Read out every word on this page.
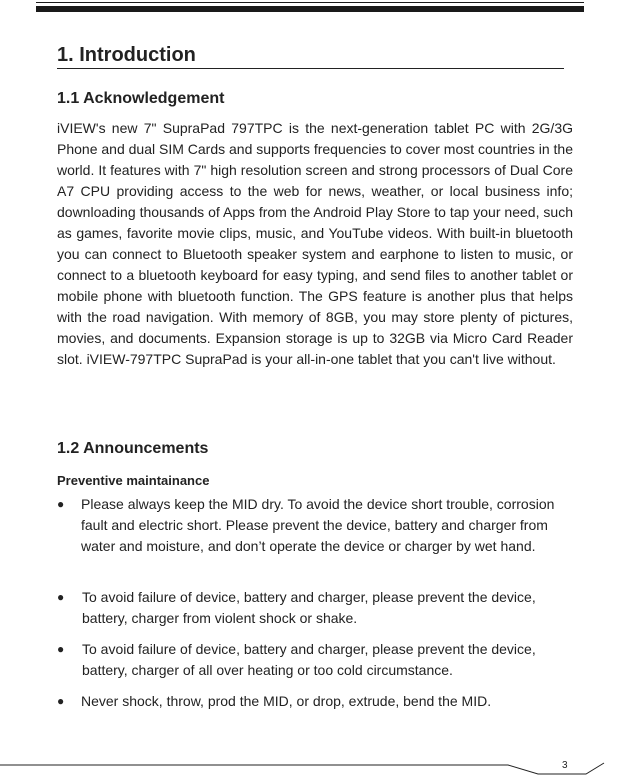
1. Introduction
1.1 Acknowledgement

iVIEW's new 7" SupraPad 797TPC is the next-generation tablet PC with 2G/3G Phone and dual SIM Cards and supports frequencies to cover most countries in the world. It features with 7" high resolution screen and strong processors of Dual Core A7 CPU providing access to the web for news, weather, or local business info; downloading thousands of Apps from the Android Play Store to tap your need, such as games, favorite movie clips, music, and YouTube videos. With built-in bluetooth you can connect to Bluetooth speaker system and earphone to listen to music, or connect to a bluetooth keyboard for easy typing, and send files to another tablet or mobile phone with bluetooth function. The GPS feature is another plus that helps with the road navigation. With memory of 8GB, you may store plenty of pictures, movies, and documents. Expansion storage is up to 32GB via Micro Card Reader slot. iVIEW-797TPC SupraPad is your all-in-one tablet that you can't live without.

1.2 Announcements
Preventive maintainance
● Please always keep the MID dry. To avoid the device short trouble, corrosion fault and electric short. Please prevent the device, battery and charger from water and moisture, and don’t operate the device or charger by wet hand.
● To avoid failure of device, battery and charger, please prevent the device, battery, charger from violent shock or shake.
● To avoid failure of device, battery and charger, please prevent the device, battery, charger of all over heating or too cold circumstance.
● Never shock, throw, prod the MID, or drop, extrude, bend the MID.
3
